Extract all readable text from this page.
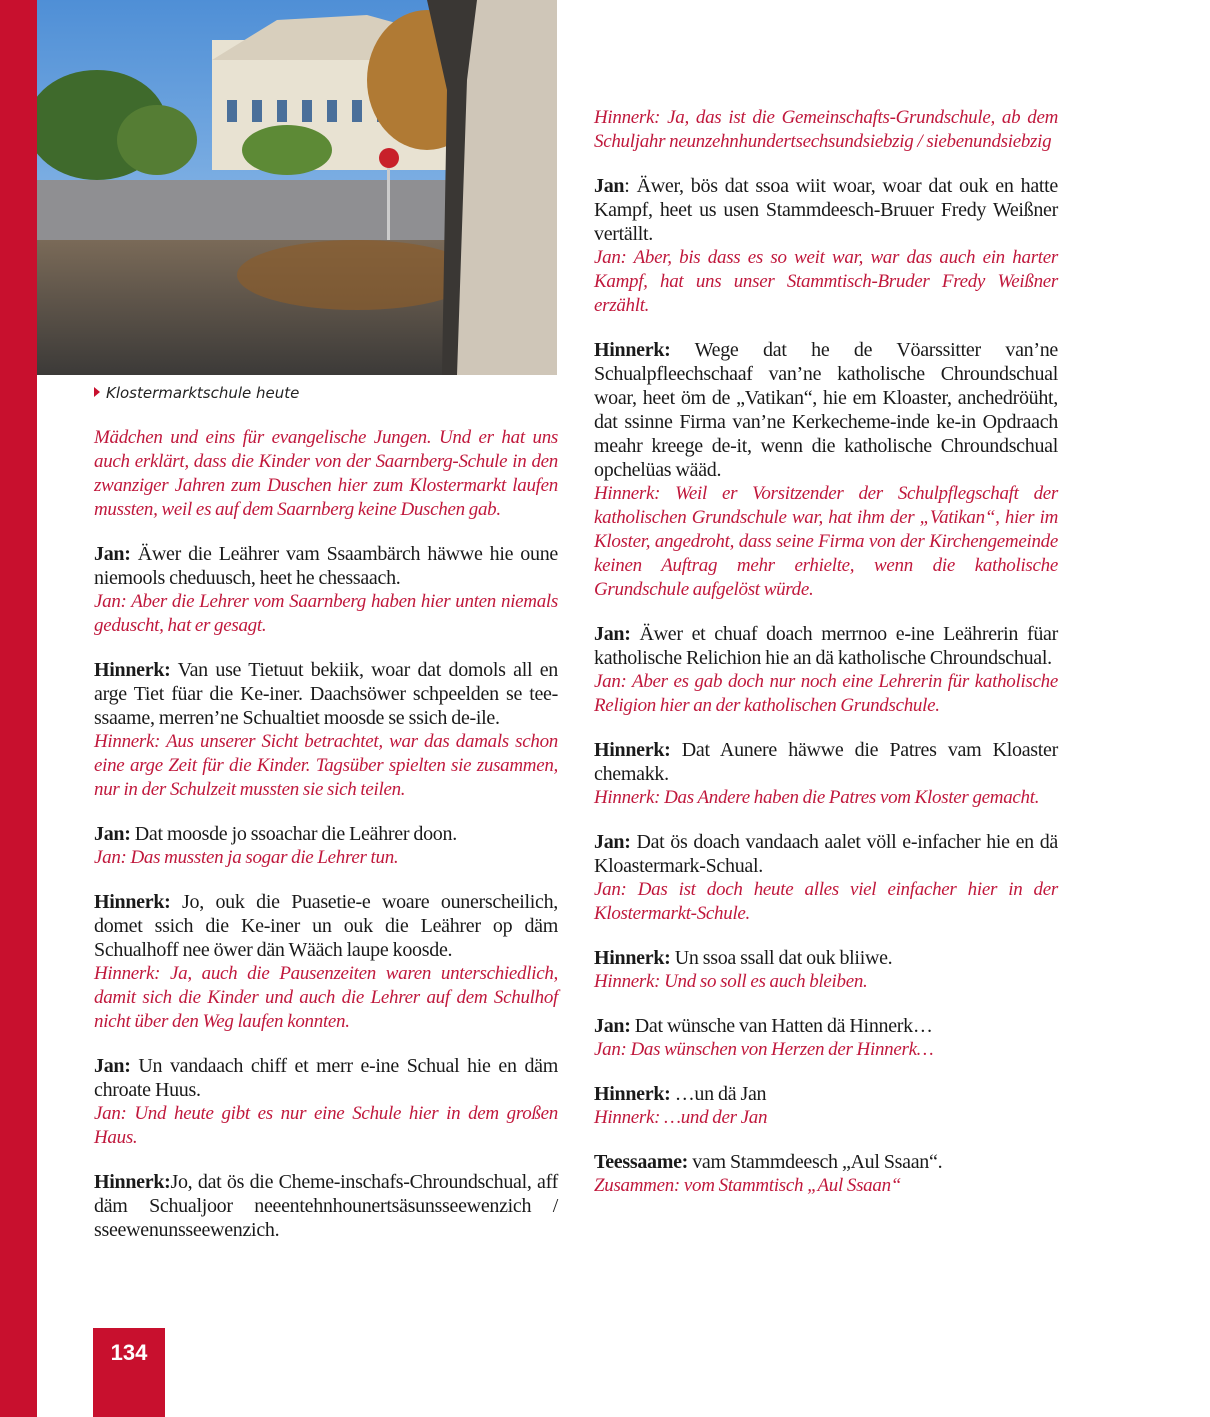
Klostermarktschule heute

Mädchen und eins für evangelische Jungen. Und er hat uns auch erklärt, dass die Kinder von der Saarnberg-Schule in den zwanziger Jahren zum Duschen hier zum Klostermarkt laufen mussten, weil es auf dem Saarnberg keine Duschen gab.

Jan: Äwer die Leährer vam Ssaambärch häwwe hie oune niemools cheduusch, heet he chessaach.
Jan: Aber die Lehrer vom Saarnberg haben hier unten niemals geduscht, hat er gesagt.

Hinnerk: Van use Tietuut bekiik, woar dat domols all en arge Tiet füar die Ke-iner. Daachsöwer schpeelden se tee-ssaame, merren’ne Schualtiet moosde se ssich de-ile.
Hinnerk: Aus unserer Sicht betrachtet, war das damals schon eine arge Zeit für die Kinder. Tagsüber spielten sie zusammen, nur in der Schulzeit mussten sie sich teilen.

Jan: Dat moosde jo ssoachar die Leährer doon.
Jan: Das mussten ja sogar die Lehrer tun.

Hinnerk: Jo, ouk die Puasetie-e woare ounerscheilich, domet ssich die Ke-iner un ouk die Leährer op däm Schualhoff nee öwer dän Wääch laupe koosde.
Hinnerk: Ja, auch die Pausenzeiten waren unterschiedlich, damit sich die Kinder und auch die Lehrer auf dem Schulhof nicht über den Weg laufen konnten.

Jan: Un vandaach chiff et merr e-ine Schual hie en däm chroate Huus.
Jan: Und heute gibt es nur eine Schule hier in dem großen Haus.

Hinnerk:Jo, dat ös die Cheme-inschafs-Chroundschual, aff däm Schualjoor neeentehnhounertsäsunsseewenzich / sseewenunsseewenzich.

Hinnerk: Ja, das ist die Gemeinschafts-Grundschule, ab dem Schuljahr neunzehnhundertsechsundsiebzig / siebenundsiebzig

Jan: Äwer, bös dat ssoa wiit woar, woar dat ouk en hatte Kampf, heet us usen Stammdeesch-Bruuer Fredy Weißner vertällt.
Jan: Aber, bis dass es so weit war, war das auch ein harter Kampf, hat uns unser Stammtisch-Bruder Fredy Weißner erzählt.

Hinnerk: Wege dat he de Vöarssitter van’ne Schualpfleechschaaf van’ne katholische Chroundschual woar, heet öm de „Vatikan“, hie em Kloaster, anchedröüht, dat ssinne Firma van’ne Kerkecheme-inde ke-in Opdraach meahr kreege de-it, wenn die katholische Chroundschual opchelüas wääd.
Hinnerk: Weil er Vorsitzender der Schulpflegschaft der katholischen Grundschule war, hat ihm der „Vatikan“, hier im Kloster, angedroht, dass seine Firma von der Kirchengemeinde keinen Auftrag mehr erhielte, wenn die katholische Grundschule aufgelöst würde.

Jan: Äwer et chuaf doach merrnoo e-ine Leährerin füar katholische Relichion hie an dä katholische Chroundschual.
Jan: Aber es gab doch nur noch eine Lehrerin für katholische Religion hier an der katholischen Grundschule.

Hinnerk: Dat Aunere häwwe die Patres vam Kloaster chemakk.
Hinnerk: Das Andere haben die Patres vom Kloster gemacht.

Jan: Dat ös doach vandaach aalet völl e-infacher hie en dä Kloastermark-Schual.
Jan: Das ist doch heute alles viel einfacher hier in der Klostermarkt-Schule.

Hinnerk: Un ssoa ssall dat ouk bliiwe.
Hinnerk: Und so soll es auch bleiben.

Jan: Dat wünsche van Hatten dä Hinnerk…
Jan: Das wünschen von Herzen der Hinnerk…

Hinnerk: …un dä Jan
Hinnerk: …und der Jan

Teessaame: vam Stammdeesch „Aul Ssaan“.
Zusammen: vom Stammtisch „Aul Ssaan“

134
